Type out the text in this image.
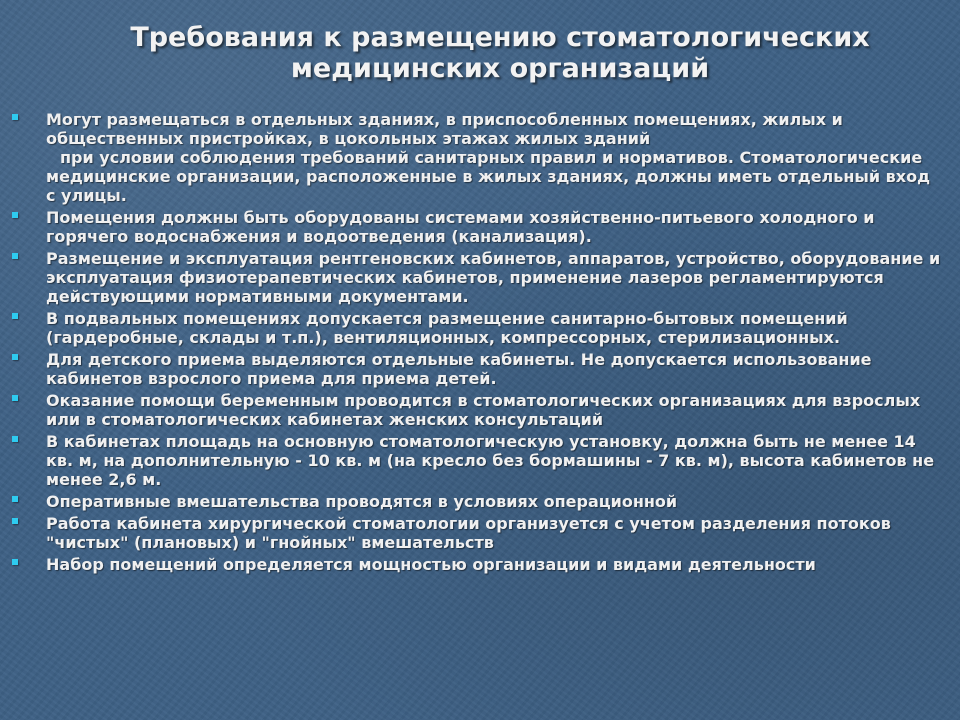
Требования к размещению стоматологических
медицинских организаций
Могут размещаться в отдельных зданиях, в приспособленных помещениях, жилых и общественных пристройках, в цокольных этажах жилых зданий
при условии соблюдения требований санитарных правил и нормативов. Стоматологические медицинские организации, расположенные в жилых зданиях, должны иметь отдельный вход с улицы.
Помещения должны быть оборудованы системами хозяйственно-питьевого холодного и горячего водоснабжения и водоотведения (канализация).
Размещение и эксплуатация рентгеновских кабинетов, аппаратов, устройство, оборудование и эксплуатация физиотерапевтических кабинетов, применение лазеров регламентируются действующими нормативными документами.
В подвальных помещениях допускается размещение санитарно-бытовых помещений (гардеробные, склады и т.п.), вентиляционных, компрессорных, стерилизационных.
Для детского приема выделяются отдельные кабинеты. Не допускается использование кабинетов взрослого приема для приема детей.
Оказание помощи беременным проводится в стоматологических организациях для взрослых или в стоматологических кабинетах женских консультаций
В кабинетах площадь на основную стоматологическую установку, должна быть не менее 14 кв. м, на дополнительную - 10 кв. м (на кресло без бормашины - 7 кв. м), высота кабинетов не менее 2,6 м.
Оперативные вмешательства проводятся в условиях операционной
Работа кабинета хирургической стоматологии организуется с учетом разделения потоков "чистых" (плановых) и "гнойных" вмешательств
Набор помещений определяется мощностью организации и видами деятельности
